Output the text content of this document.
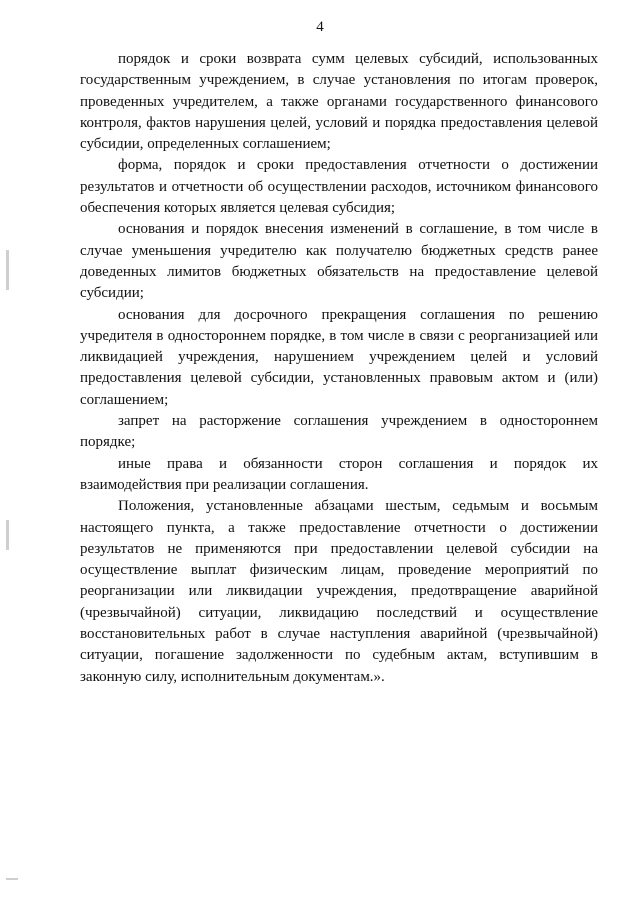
4

порядок и сроки возврата сумм целевых субсидий, использованных государственным учреждением, в случае установления по итогам проверок, проведенных учредителем, а также органами государственного финансового контроля, фактов нарушения целей, условий и порядка предоставления целевой субсидии, определенных соглашением;

форма, порядок и сроки предоставления отчетности о достижении результатов и отчетности об осуществлении расходов, источником финансового обеспечения которых является целевая субсидия;

основания и порядок внесения изменений в соглашение, в том числе в случае уменьшения учредителю как получателю бюджетных средств ранее доведенных лимитов бюджетных обязательств на предоставление целевой субсидии;

основания для досрочного прекращения соглашения по решению учредителя в одностороннем порядке, в том числе в связи с реорганизацией или ликвидацией учреждения, нарушением учреждением целей и условий предоставления целевой субсидии, установленных правовым актом и (или) соглашением;

запрет на расторжение соглашения учреждением в одностороннем порядке;

иные права и обязанности сторон соглашения и порядок их взаимодействия при реализации соглашения.

Положения, установленные абзацами шестым, седьмым и восьмым настоящего пункта, а также предоставление отчетности о достижении результатов не применяются при предоставлении целевой субсидии на осуществление выплат физическим лицам, проведение мероприятий по реорганизации или ликвидации учреждения, предотвращение аварийной (чрезвычайной) ситуации, ликвидацию последствий и осуществление восстановительных работ в случае наступления аварийной (чрезвычайной) ситуации, погашение задолженности по судебным актам, вступившим в законную силу, исполнительным документам.».
